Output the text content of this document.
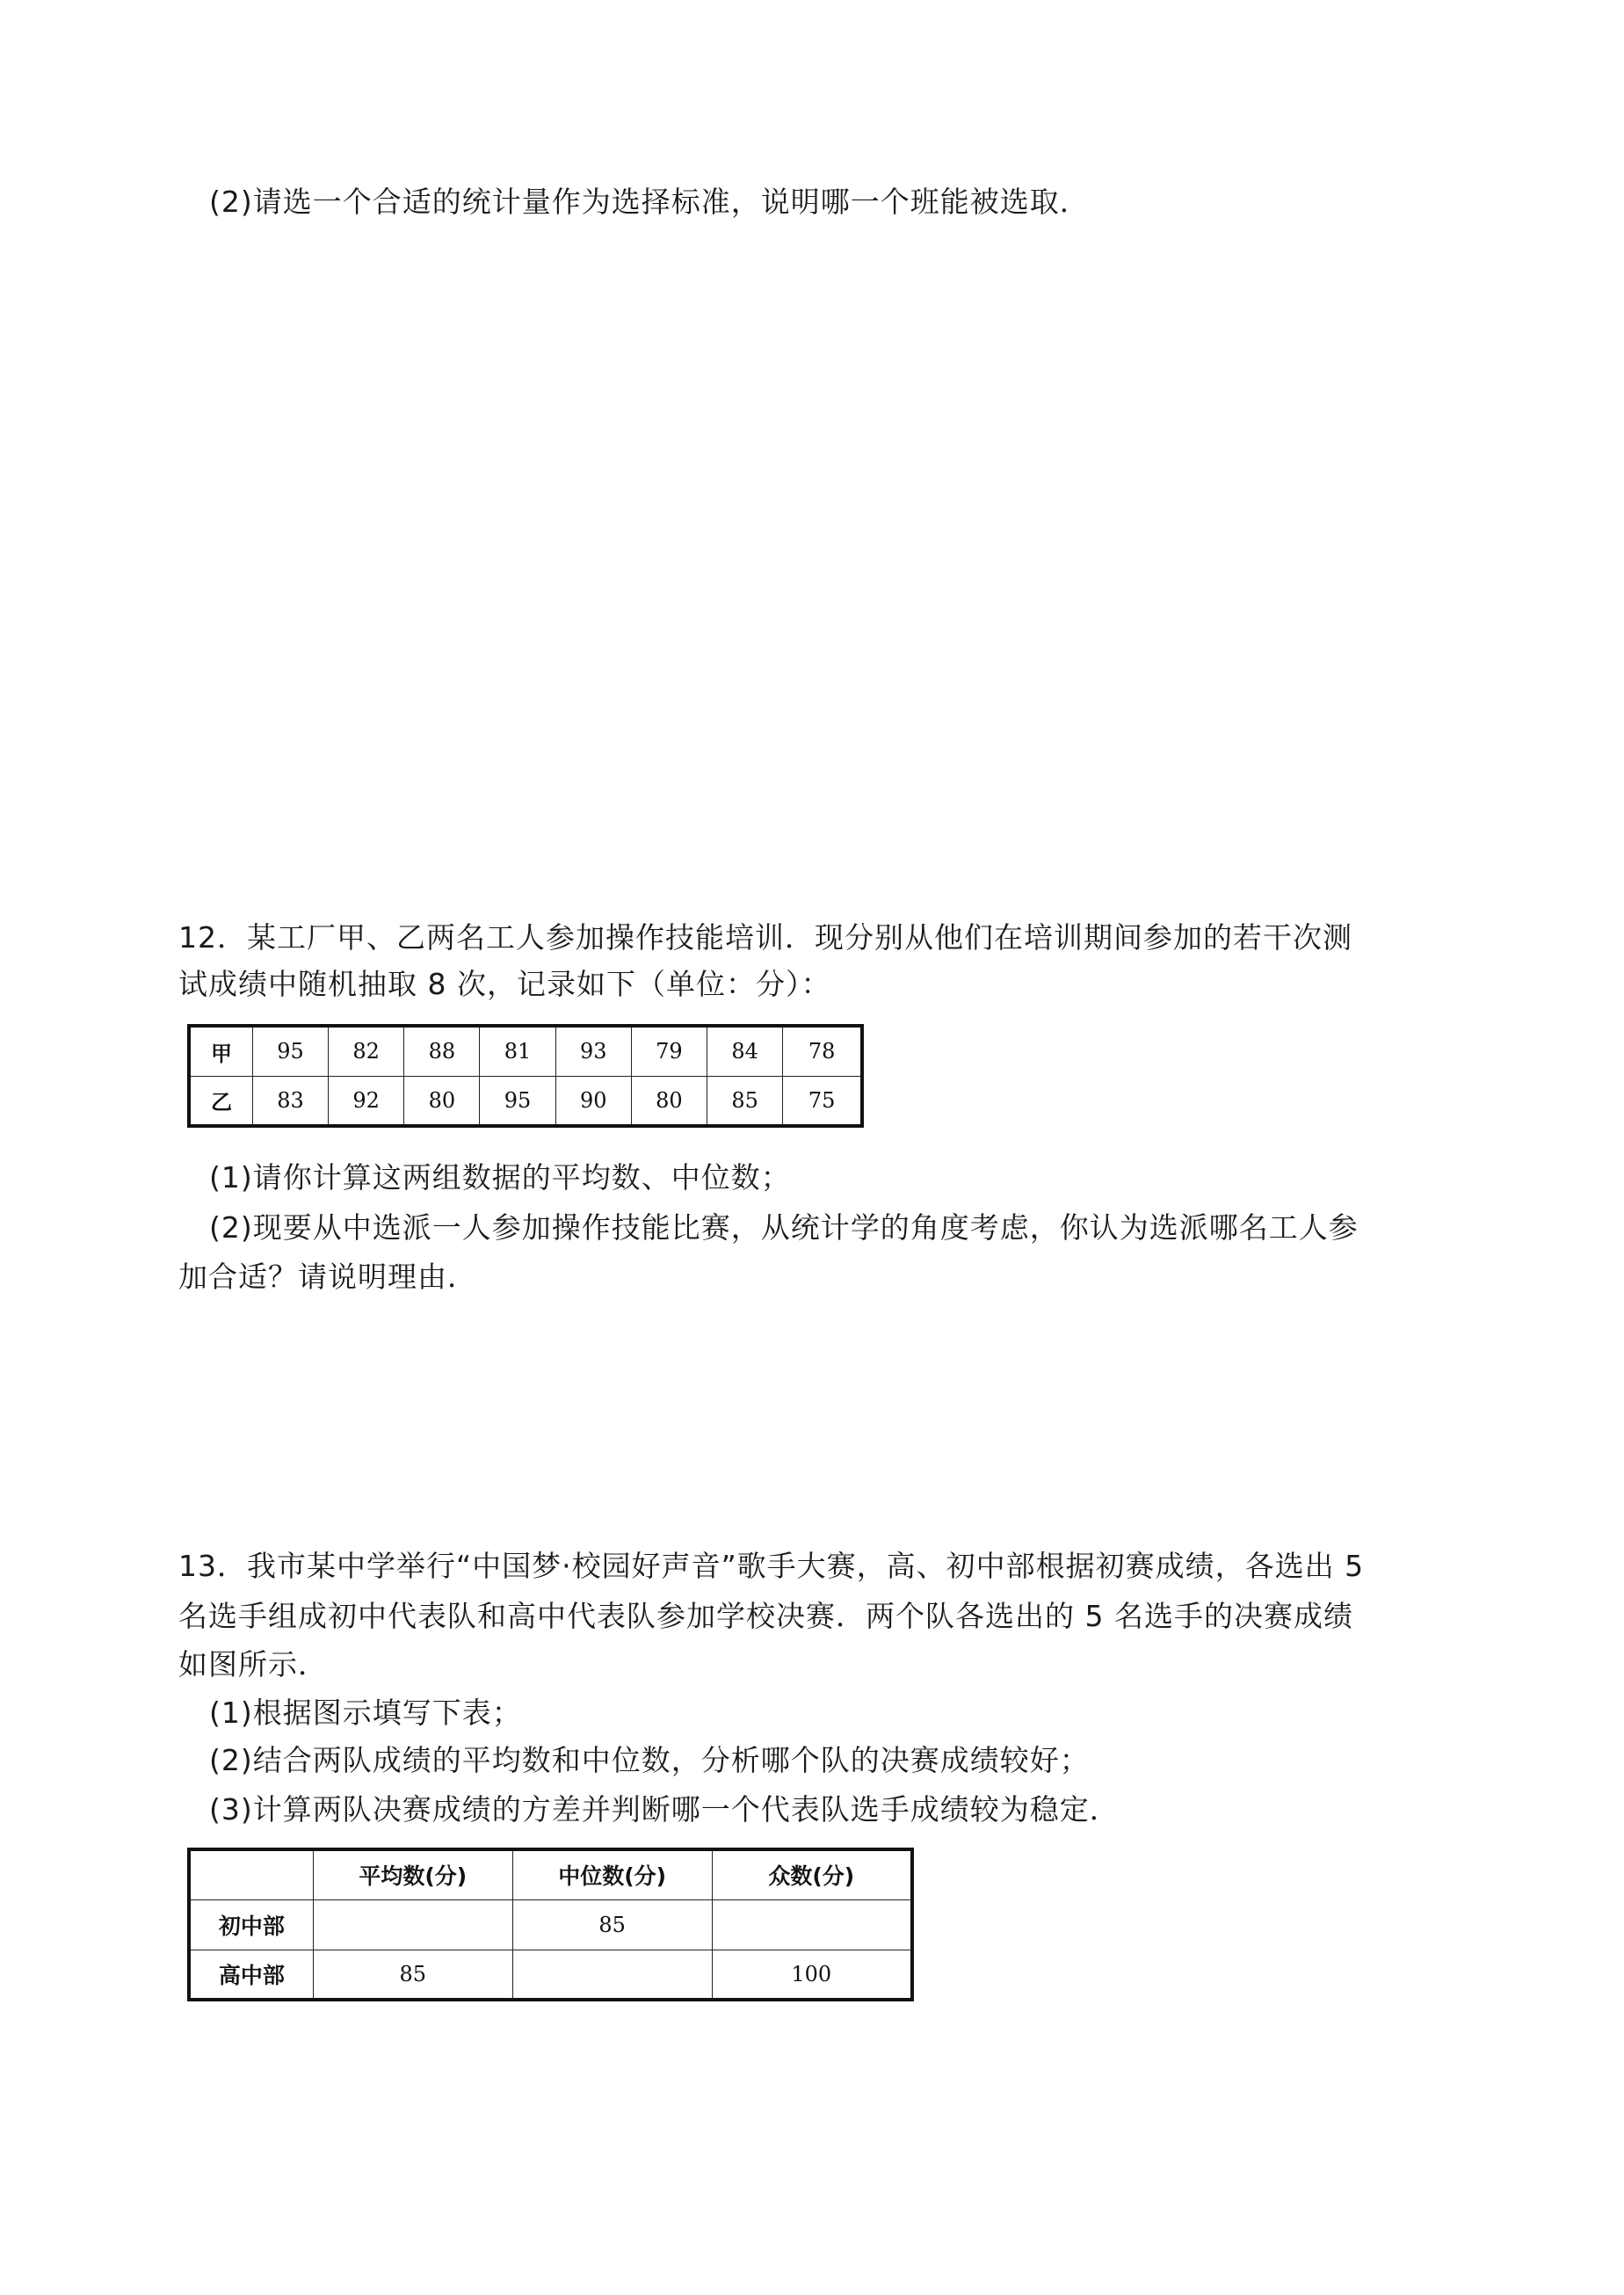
(2)请选一个合适的统计量作为选择标准，说明哪一个班能被选取．
12．某工厂甲、乙两名工人参加操作技能培训．现分别从他们在培训期间参加的若干次测
试成绩中随机抽取 8 次，记录如下（单位：分）：
甲	95	82	88	81	93	79	84	78
乙	83	92	80	95	90	80	85	75
(1)请你计算这两组数据的平均数、中位数；
(2)现要从中选派一人参加操作技能比赛，从统计学的角度考虑，你认为选派哪名工人参
加合适？请说明理由．
13．我市某中学举行“中国梦·校园好声音”歌手大赛，高、初中部根据初赛成绩，各选出 5
名选手组成初中代表队和高中代表队参加学校决赛．两个队各选出的 5 名选手的决赛成绩
如图所示．
(1)根据图示填写下表；
(2)结合两队成绩的平均数和中位数，分析哪个队的决赛成绩较好；
(3)计算两队决赛成绩的方差并判断哪一个代表队选手成绩较为稳定．
	平均数(分)	中位数(分)	众数(分)
初中部		85	
高中部	85		100
